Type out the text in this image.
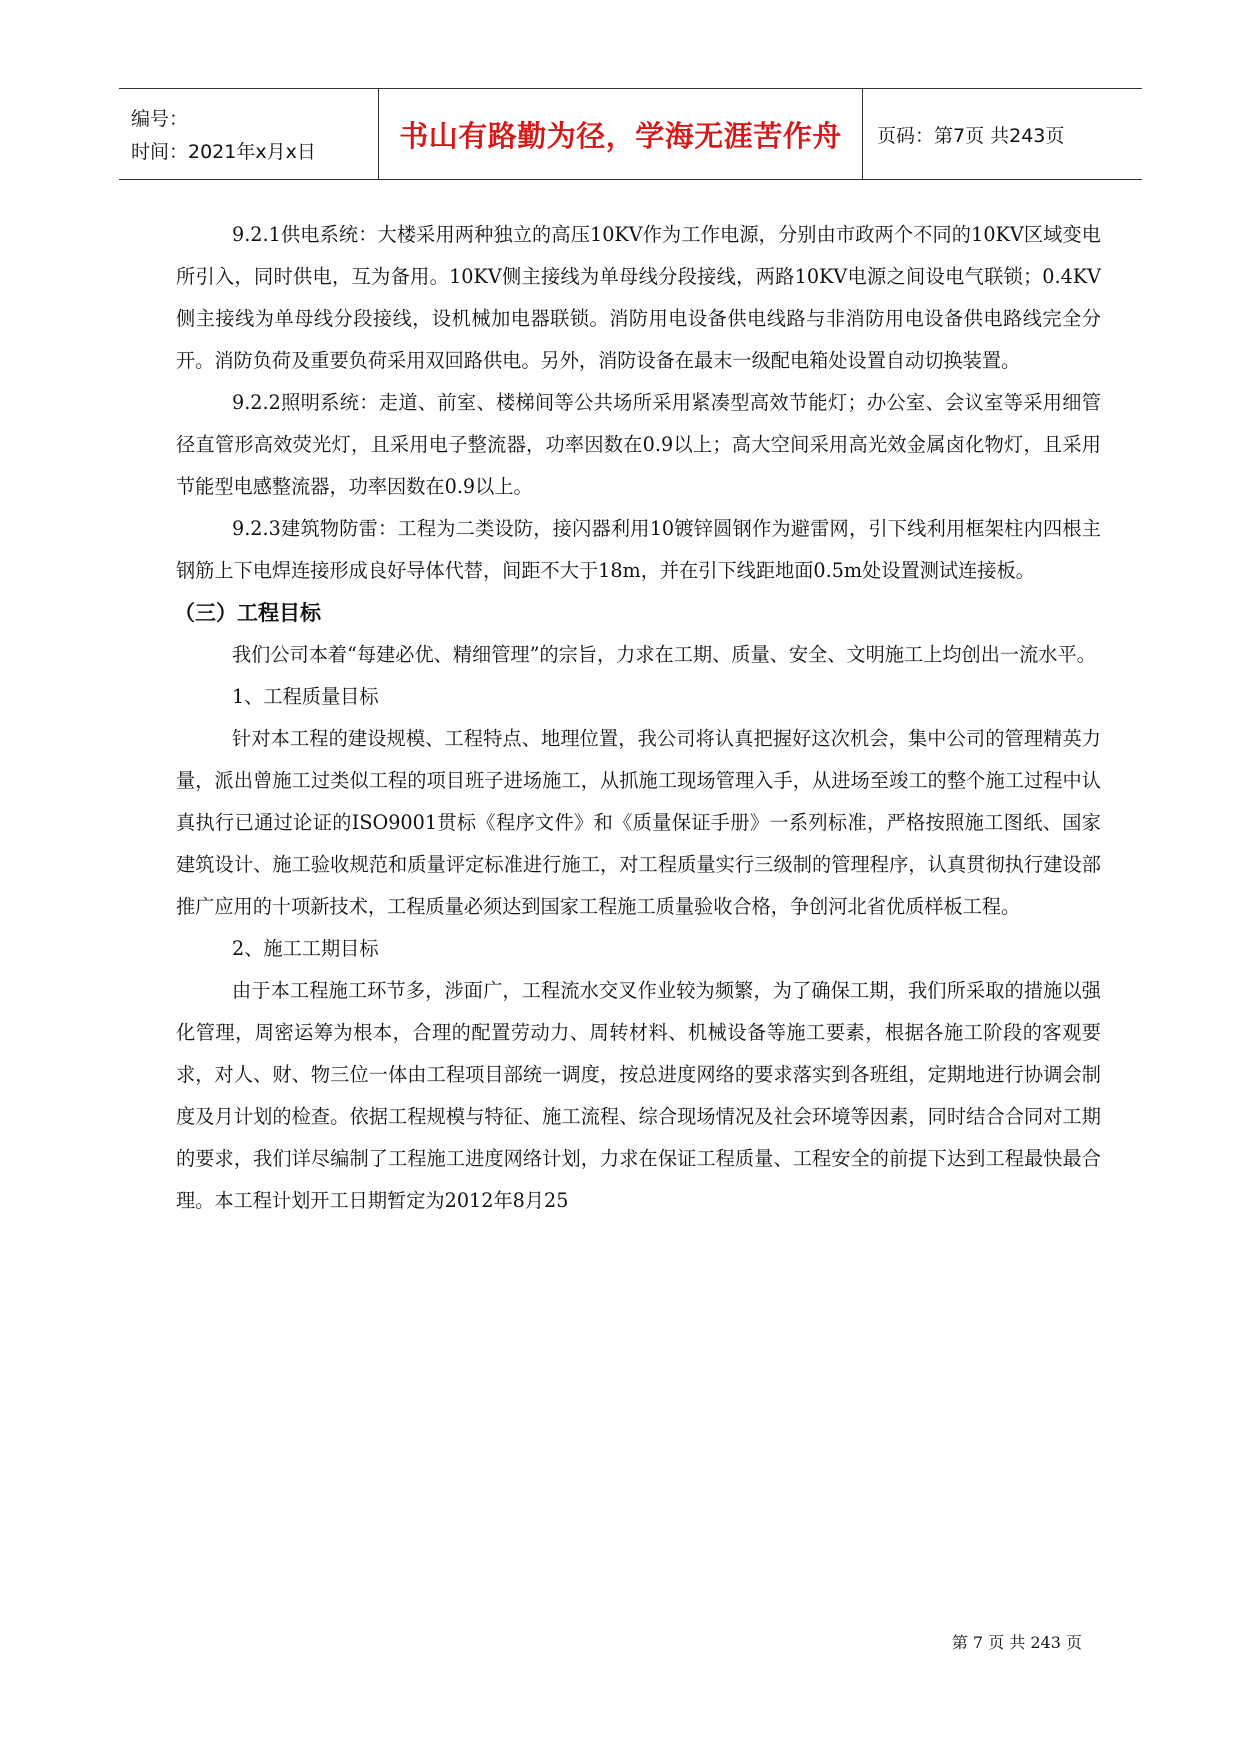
编号：
时间：2021年x月x日	书山有路勤为径，学海无涯苦作舟	页码：第7页 共243页

9.2.1供电系统：大楼采用两种独立的高压10KV作为工作电源，分别由市政两个不同的10KV区域变电所引入，同时供电，互为备用。10KV侧主接线为单母线分段接线，两路10KV电源之间设电气联锁；0.4KV侧主接线为单母线分段接线，设机械加电器联锁。消防用电设备供电线路与非消防用电设备供电路线完全分开。消防负荷及重要负荷采用双回路供电。另外，消防设备在最末一级配电箱处设置自动切换装置。

9.2.2照明系统：走道、前室、楼梯间等公共场所采用紧凑型高效节能灯；办公室、会议室等采用细管径直管形高效荧光灯，且采用电子整流器，功率因数在0.9以上；高大空间采用高光效金属卤化物灯，且采用节能型电感整流器，功率因数在0.9以上。

9.2.3建筑物防雷：工程为二类设防，接闪器利用10镀锌圆钢作为避雷网，引下线利用框架柱内四根主钢筋上下电焊连接形成良好导体代替，间距不大于18m，并在引下线距地面0.5m处设置测试连接板。

（三）工程目标

我们公司本着“每建必优、精细管理”的宗旨，力求在工期、质量、安全、文明施工上均创出一流水平。

1、工程质量目标

针对本工程的建设规模、工程特点、地理位置，我公司将认真把握好这次机会，集中公司的管理精英力量，派出曾施工过类似工程的项目班子进场施工，从抓施工现场管理入手，从进场至竣工的整个施工过程中认真执行已通过论证的ISO9001贯标《程序文件》和《质量保证手册》一系列标准，严格按照施工图纸、国家建筑设计、施工验收规范和质量评定标准进行施工，对工程质量实行三级制的管理程序，认真贯彻执行建设部推广应用的十项新技术，工程质量必须达到国家工程施工质量验收合格，争创河北省优质样板工程。

2、施工工期目标

由于本工程施工环节多，涉面广，工程流水交叉作业较为频繁，为了确保工期，我们所采取的措施以强化管理，周密运筹为根本，合理的配置劳动力、周转材料、机械设备等施工要素，根据各施工阶段的客观要求，对人、财、物三位一体由工程项目部统一调度，按总进度网络的要求落实到各班组，定期地进行协调会制度及月计划的检查。依据工程规模与特征、施工流程、综合现场情况及社会环境等因素，同时结合合同对工期的要求，我们详尽编制了工程施工进度网络计划，力求在保证工程质量、工程安全的前提下达到工程最快最合理。本工程计划开工日期暂定为2012年8月25

第 7 页 共 243 页
